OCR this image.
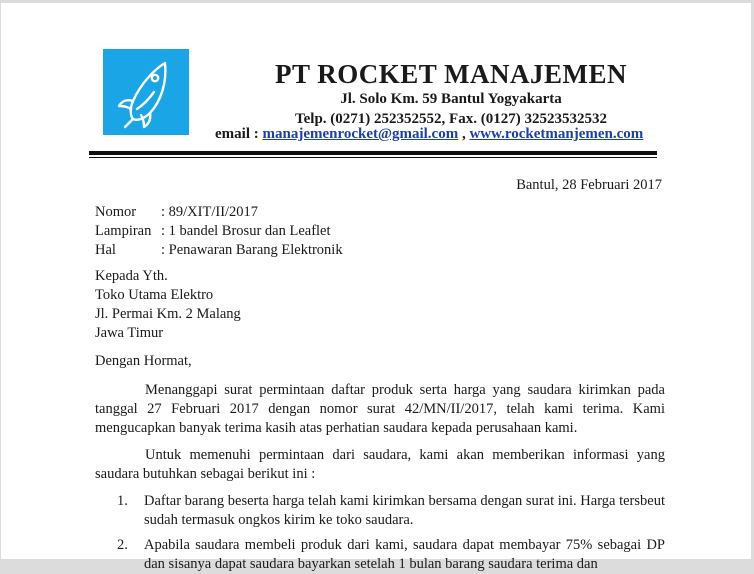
PT ROCKET MANAJEMEN
Jl. Solo Km. 59 Bantul Yogyakarta
Telp. (0271) 252352552, Fax. (0127) 32523532532
email : manajemenrocket@gmail.com , www.rocketmanjemen.com
Bantul, 28 Februari 2017
Nomor	: 89/XIT/II/2017
Lampiran : 1 bandel Brosur dan Leaflet
Hal	: Penawaran Barang Elektronik
Kepada Yth.
Toko Utama Elektro
Jl. Permai Km. 2 Malang
Jawa Timur
Dengan Hormat,

Menanggapi surat permintaan daftar produk serta harga yang saudara kirimkan pada tanggal 27 Februari 2017 dengan nomor surat 42/MN/II/2017, telah kami terima. Kami mengucapkan banyak terima kasih atas perhatian saudara kepada perusahaan kami.

Untuk memenuhi permintaan dari saudara, kami akan memberikan informasi yang saudara butuhkan sebagai berikut ini :

1.	Daftar barang beserta harga telah kami kirimkan bersama dengan surat ini. Harga tersbeut sudah termasuk ongkos kirim ke toko saudara.
2.	Apabila saudara membeli produk dari kami, saudara dapat membayar 75% sebagai DP dan sisanya dapat saudara bayarkan setelah 1 bulan barang saudara terima dan
